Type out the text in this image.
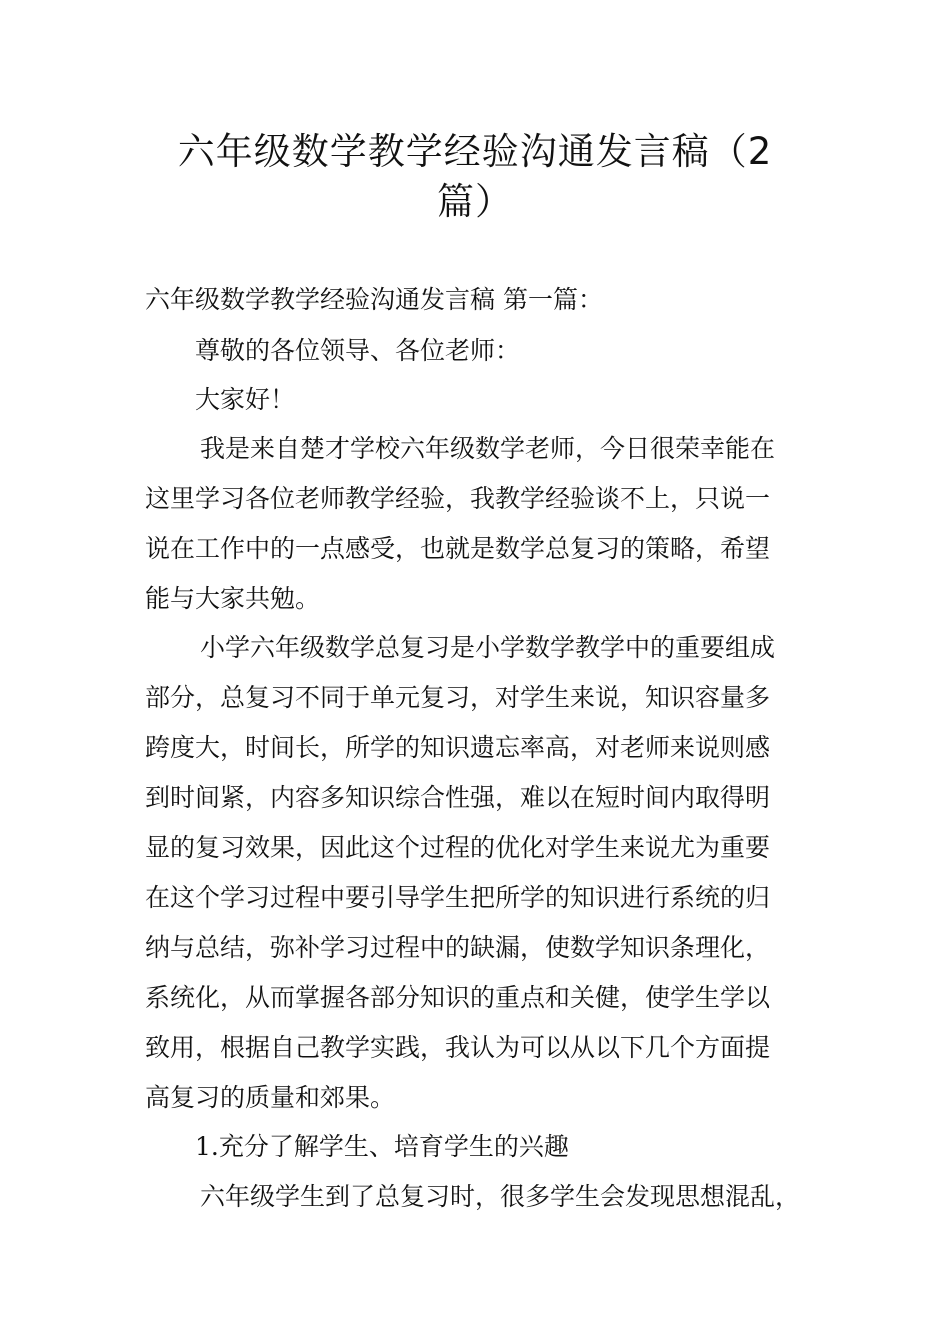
六年级数学教学经验沟通发言稿（2
篇）
六年级数学教学经验沟通发言稿 第一篇：
尊敬的各位领导、各位老师：
大家好！
我是来自楚才学校六年级数学老师，今日很荣幸能在
这里学习各位老师教学经验，我教学经验谈不上，只说一
说在工作中的一点感受，也就是数学总复习的策略，希望
能与大家共勉。
小学六年级数学总复习是小学数学教学中的重要组成
部分，总复习不同于单元复习，对学生来说，知识容量多
跨度大，时间长，所学的知识遗忘率高，对老师来说则感
到时间紧，内容多知识综合性强，难以在短时间内取得明
显的复习效果，因此这个过程的优化对学生来说尤为重要
在这个学习过程中要引导学生把所学的知识进行系统的归
纳与总结，弥补学习过程中的缺漏，使数学知识条理化，
系统化，从而掌握各部分知识的重点和关健，使学生学以
致用，根据自己教学实践，我认为可以从以下几个方面提
高复习的质量和郊果。
1.充分了解学生、培育学生的兴趣
六年级学生到了总复习时，很多学生会发现思想混乱，
